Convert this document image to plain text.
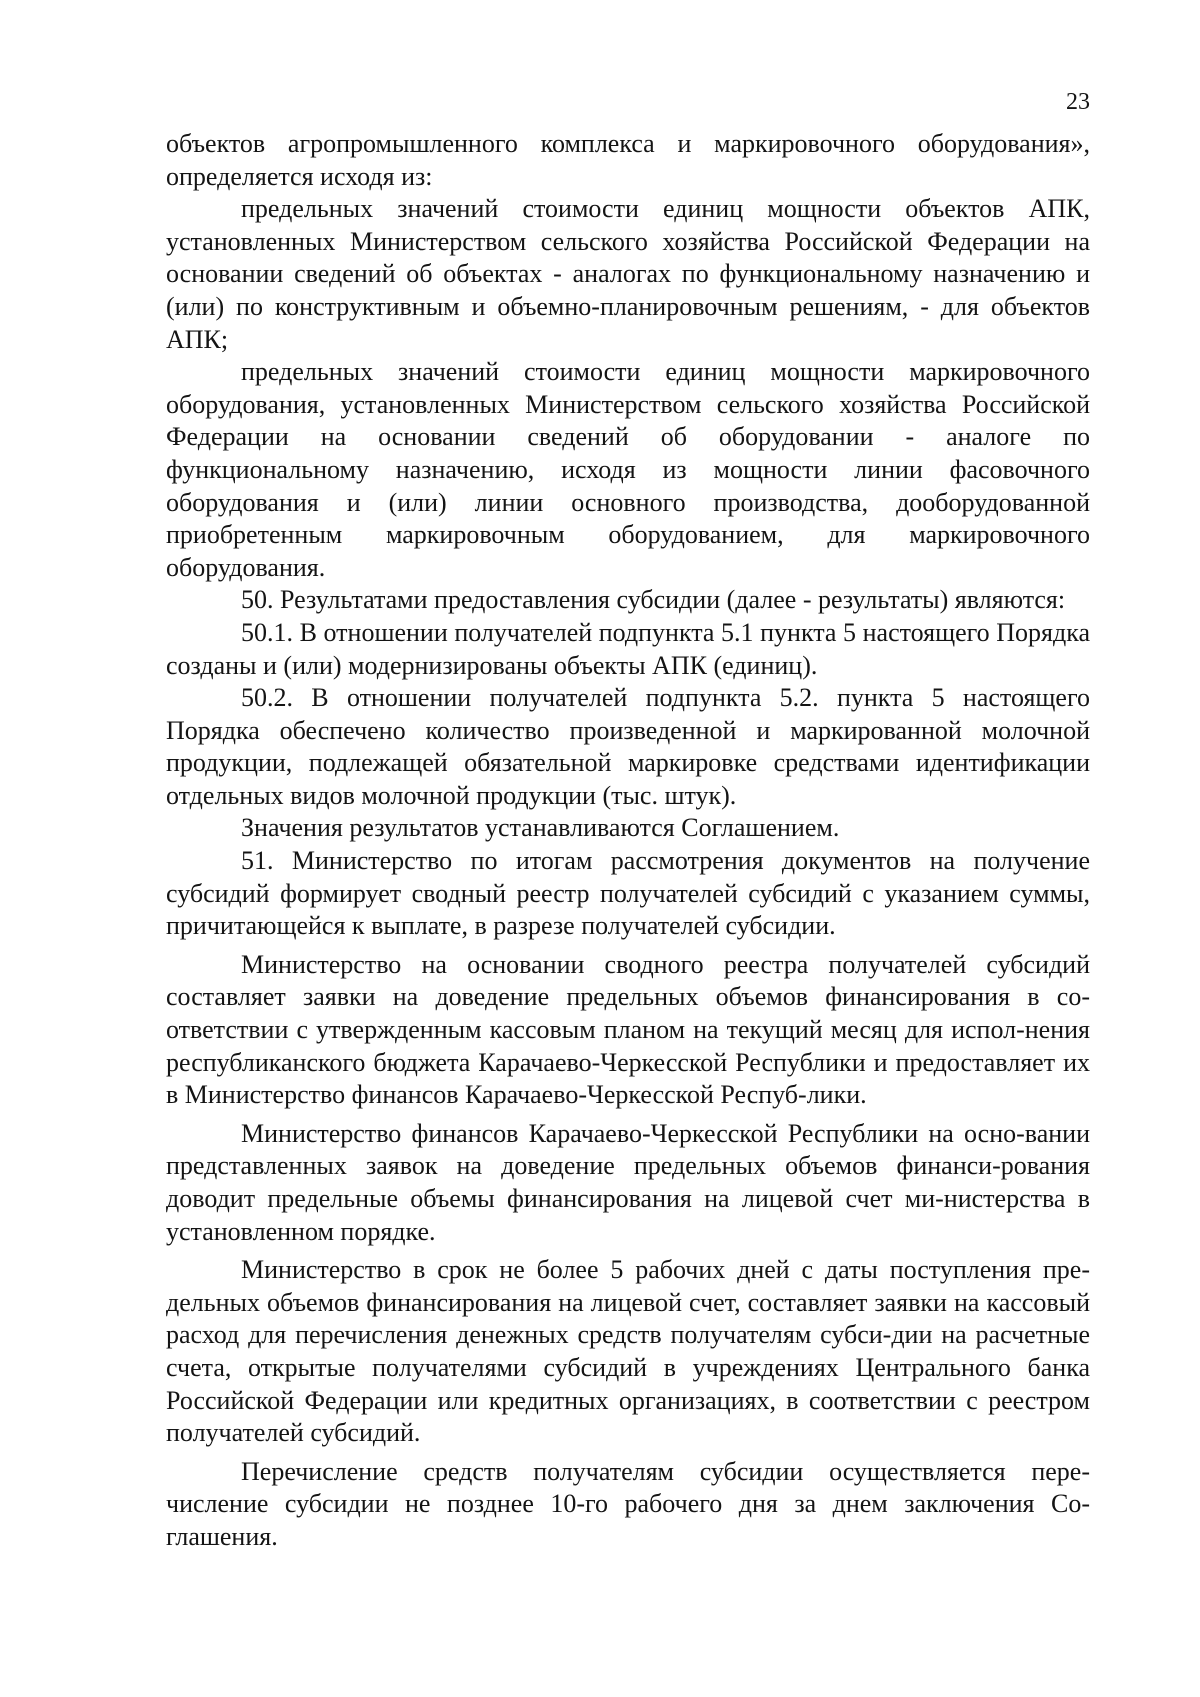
23

объектов агропромышленного комплекса и маркировочного оборудования», определяется исходя из:

предельных значений стоимости единиц мощности объектов АПК, установленных Министерством сельского хозяйства Российской Федерации на основании сведений об объектах - аналогах по функциональному назначению и (или) по конструктивным и объемно-планировочным решениям, - для объектов АПК;

предельных значений стоимости единиц мощности маркировочного оборудования, установленных Министерством сельского хозяйства Российской Федерации на основании сведений об оборудовании - аналоге по функциональному назначению, исходя из мощности линии фасовочного оборудования и (или) линии основного производства, дооборудованной приобретенным маркировочным оборудованием, для маркировочного оборудования.

50. Результатами предоставления субсидии (далее - результаты) являются:

50.1. В отношении получателей подпункта 5.1 пункта 5 настоящего Порядка созданы и (или) модернизированы объекты АПК (единиц).

50.2. В отношении получателей подпункта 5.2. пункта 5 настоящего Порядка обеспечено количество произведенной и маркированной молочной продукции, подлежащей обязательной маркировке средствами идентификации отдельных видов молочной продукции (тыс. штук).

Значения результатов устанавливаются Соглашением.

51. Министерство по итогам рассмотрения документов на получение субсидий формирует сводный реестр получателей субсидий с указанием суммы, причитающейся к выплате, в разрезе получателей субсидии.

Министерство на основании сводного реестра получателей субсидий составляет заявки на доведение предельных объемов финансирования в со-ответствии с утвержденным кассовым планом на текущий месяц для испол-нения республиканского бюджета Карачаево-Черкесской Республики и предоставляет их в Министерство финансов Карачаево-Черкесской Респуб-лики.

Министерство финансов Карачаево-Черкесской Республики на осно-вании представленных заявок на доведение предельных объемов финанси-рования доводит предельные объемы финансирования на лицевой счет ми-нистерства в установленном порядке.

Министерство в срок не более 5 рабочих дней с даты поступления пре-дельных объемов финансирования на лицевой счет, составляет заявки на кассовый расход для перечисления денежных средств получателям субси-дии на расчетные счета, открытые получателями субсидий в учреждениях Центрального банка Российской Федерации или кредитных организациях, в соответствии с реестром получателей субсидий.

Перечисление средств получателям субсидии осуществляется пере-числение субсидии не позднее 10-го рабочего дня за днем заключения Со-глашения.
